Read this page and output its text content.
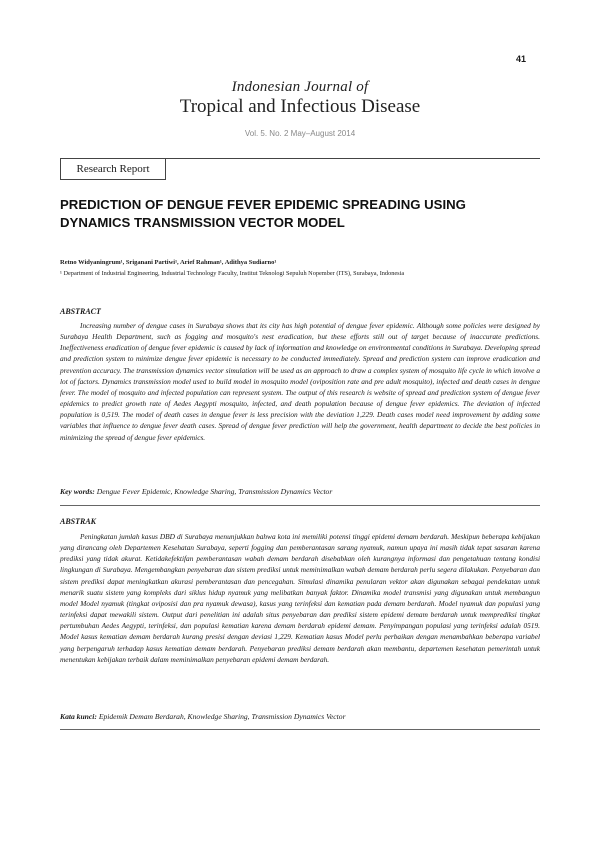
41
Indonesian Journal of
Tropical and Infectious Disease
Vol. 5. No. 2 May–August 2014
Research Report
PREDICTION OF DENGUE FEVER EPIDEMIC SPREADING USING
DYNAMICS TRANSMISSION VECTOR MODEL
Retno Widyaningrum¹, Sriganani Partiwi¹, Arief Rahman¹, Adithya Sudiarno¹
¹ Department of Industrial Engineering, Industrial Technology Faculty, Institut Teknologi Sepuluh Nopember (ITS), Surabaya, Indonesia
ABSTRACT

Increasing number of dengue cases in Surabaya shows that its city has high potential of dengue fever epidemic. Although some policies were designed by Surabaya Health Department, such as fogging and mosquito's nest eradication, but these efforts still out of target because of inaccurate predictions. Ineffectiveness eradication of dengue fever epidemic is caused by lack of information and knowledge on environmental conditions in Surabaya. Developing spread and prediction system to minimize dengue fever epidemic is necessary to be conducted immediately. Spread and prediction system can improve eradication and prevention accuracy. The transmission dynamics vector simulation will be used as an approach to draw a complex system of mosquito life cycle in which involve a lot of factors. Dynamics transmission model used to build model in mosquito model (oviposition rate and pre adult mosquito), infected and death cases in dengue fever. The model of mosquito and infected population can represent system. The output of this research is website of spread and prediction system of dengue fever epidemics to predict growth rate of Aedes Aegypti mosquito, infected, and death population because of dengue fever epidemics. The deviation of infected population is 0,519. The model of death cases in dengue fever is less precision with the deviation 1,229. Death cases model need improvement by adding some variables that influence to dengue fever death cases. Spread of dengue fever prediction will help the government, health department to decide the best policies in minimizing the spread of dengue fever epidemics.

Key words: Dengue Fever Epidemic, Knowledge Sharing, Transmission Dynamics Vector
ABSTRAK

Peningkatan jumlah kasus DBD di Surabaya menunjukkan bahwa kota ini memiliki potensi tinggi epidemi demam berdarah. Meskipun beberapa kebijakan yang dirancang oleh Departemen Kesehatan Surabaya, seperti fogging dan pemberantasan sarang nyamuk, namun upaya ini masih tidak tepat sasaran karena prediksi yang tidak akurat. Ketidakefektifan pemberantasan wabah demam berdarah disebabkan oleh kurangnya informasi dan pengetahuan tentang kondisi lingkungan di Surabaya. Mengembangkan penyebaran dan sistem prediksi untuk meminimalkan wabah demam berdarah perlu segera dilakukan. Penyebaran dan sistem prediksi dapat meningkatkan akurasi pemberantasan dan pencegahan. Simulasi dinamika penularan vektor akan digunakan sebagai pendekatan untuk menarik suatu sistem yang kompleks dari siklus hidup nyamuk yang melibatkan banyak faktor. Dinamika model transmisi yang digunakan untuk membangun model Model nyamuk (tingkat oviposisi dan pra nyamuk dewasa), kasus yang terinfeksi dan kematian pada demam berdarah. Model nyamuk dan populasi yang terinfeksi dapat mewakili sistem. Output dari penelitian ini adalah situs penyebaran dan prediksi sistem epidemi demam berdarah untuk memprediksi tingkat pertumbuhan Aedes Aegypti, terinfeksi, dan populasi kematian karena demam berdarah epidemi demam. Penyimpangan populasi yang terinfeksi adalah 0519. Model kasus kematian demam berdarah kurang presisi dengan deviasi 1,229. Kematian kasus Model perlu perbaikan dengan menambahkan beberapa variabel yang berpengaruh terhadap kasus kematian demam berdarah. Penyebaran prediksi demam berdarah akan membantu, departemen kesehatan pemerintah untuk menentukan kebijakan terbaik dalam meminimalkan penyebaran epidemi demam berdarah.

Kata kunci: Epidemik Demam Berdarah, Knowledge Sharing, Transmission Dynamics Vector
